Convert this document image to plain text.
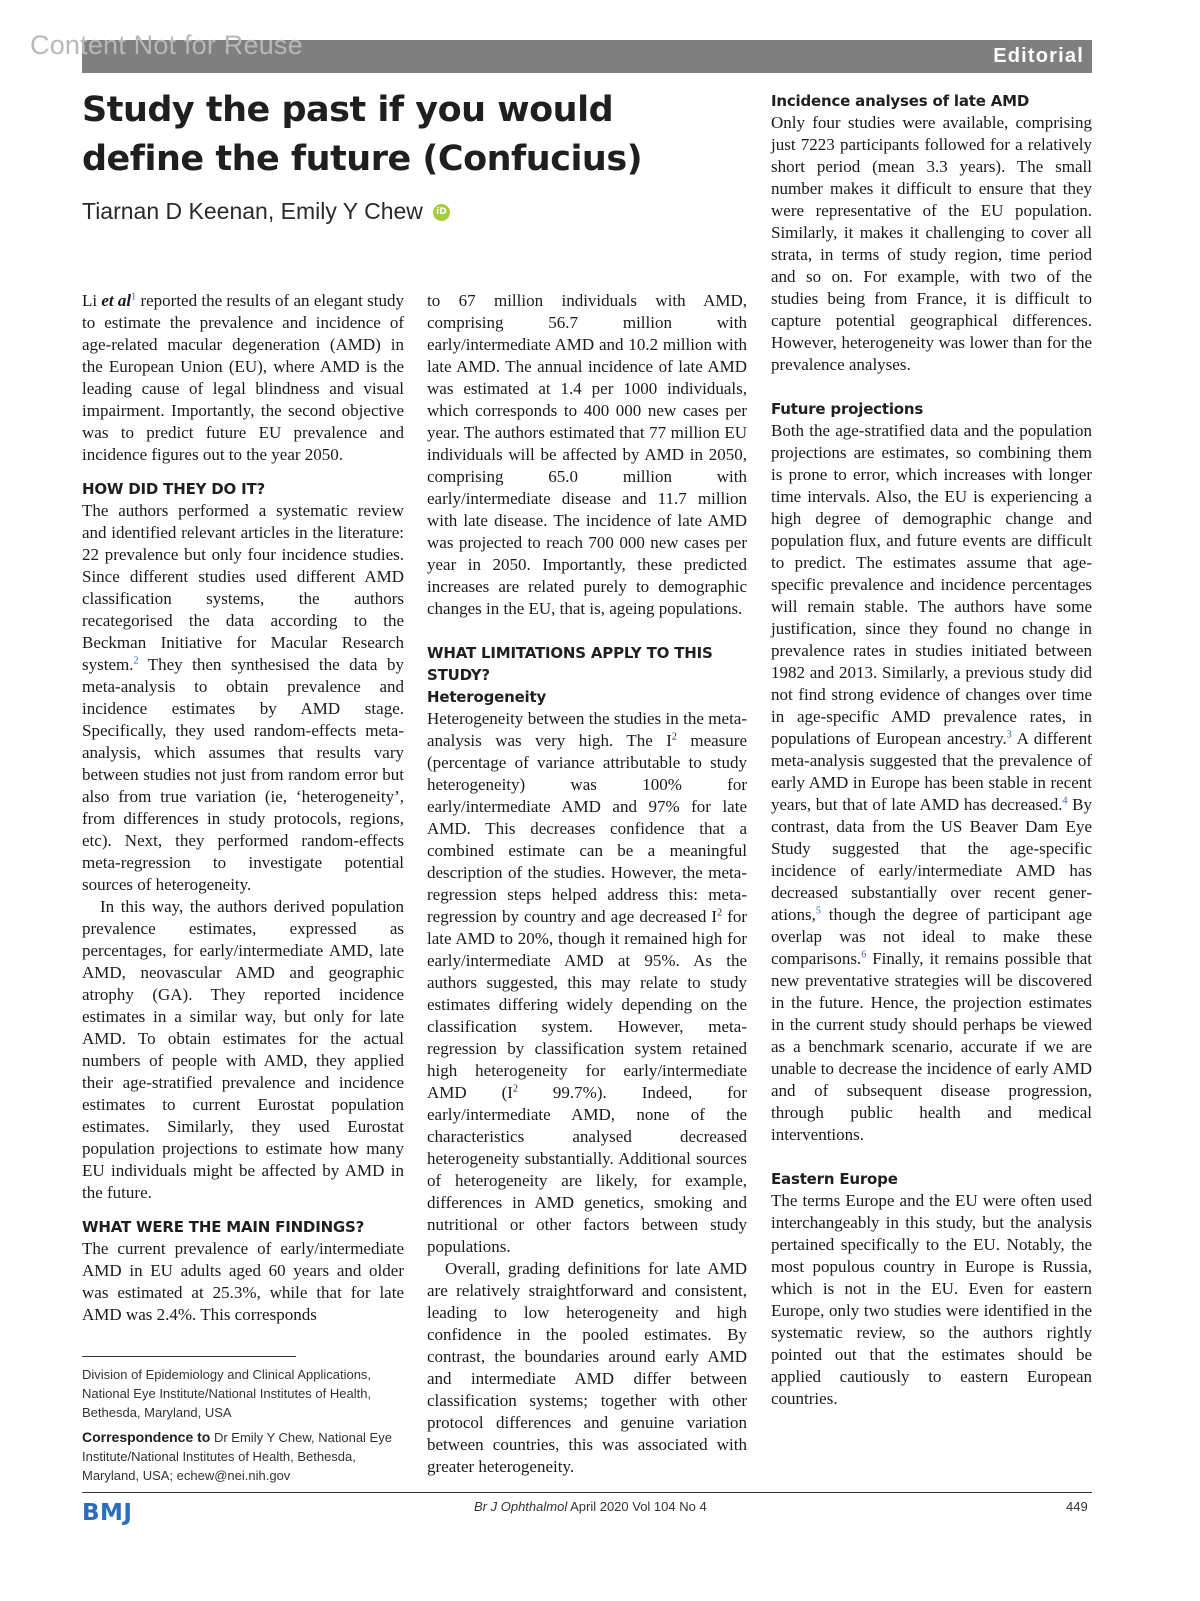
Content Not for Reuse	Editorial
Study the past if you would define the future (Confucius)
Tiarnan D Keenan, Emily Y Chew iD

Li et $al^1$ reported the results of an elegant study to estimate the prevalence and incidence of age-related macular degeneration (AMD) in the European Union (EU), where AMD is the leading cause of legal blindness and visual impairment. Importantly, the second objective was to predict future EU prevalence and incidence figures out to the year 2050.

HOW DID THEY DO IT?

The authors performed a systematic review and identified relevant articles in the literature: 22 prevalence but only four incidence studies. Since different studies used different AMD classification systems, the authors recategorised the data according to the Beckman Initiative for Macular Research system.$^2$ They then synthesised the data by meta-analysis to obtain prevalence and incidence estimates by AMD stage. Specifically, they used random-effects meta-analysis, which assumes that results vary between studies not just from random error but also from true variation (ie, ‘heterogeneity’, from differences in study protocols, regions, etc). Next, they performed random-effects meta-regression to investigate potential sources of heterogeneity.

In this way, the authors derived population prevalence estimates, expressed as percentages, for early/intermediate AMD, late AMD, neovascular AMD and geographic atrophy (GA). They reported incidence estimates in a similar way, but only for late AMD. To obtain estimates for the actual numbers of people with AMD, they applied their age-stratified prevalence and incidence estimates to current Eurostat population estimates. Similarly, they used Eurostat population projections to estimate how many EU individuals might be affected by AMD in the future.

WHAT WERE THE MAIN FINDINGS?

The current prevalence of early/intermediate AMD in EU adults aged 60 years and older was estimated at 25.3%, while that for late AMD was 2.4%. This corresponds

to 67 million individuals with AMD, comprising 56.7 million with early/intermediate AMD and 10.2 million with late AMD. The annual incidence of late AMD was estimated at 1.4 per 1000 individuals, which corresponds to 400 000 new cases per year. The authors estimated that 77 million EU individuals will be affected by AMD in 2050, comprising 65.0 million with early/intermediate disease and 11.7 million with late disease. The incidence of late AMD was projected to reach 700 000 new cases per year in 2050. Importantly, these predicted increases are related purely to demographic changes in the EU, that is, ageing populations.

WHAT LIMITATIONS APPLY TO THIS STUDY?
Heterogeneity

Heterogeneity between the studies in the meta-analysis was very high. The $I^2$ measure (percentage of variance attributable to study heterogeneity) was 100% for early/intermediate AMD and 97% for late AMD. This decreases confidence that a combined estimate can be a meaningful description of the studies. However, the meta-regression steps helped address this: meta-regression by country and age decreased $I^2$ for late AMD to 20%, though it remained high for early/intermediate AMD at 95%. As the authors suggested, this may relate to study estimates differing widely depending on the classification system. However, meta-regression by classification system retained high heterogeneity for early/intermediate AMD ($I^2$ 99.7%). Indeed, for early/intermediate AMD, none of the characteristics analysed decreased heterogeneity substantially. Additional sources of heterogeneity are likely, for example, differences in AMD genetics, smoking and nutritional or other factors between study populations.

Overall, grading definitions for late AMD are relatively straightforward and consistent, leading to low heterogeneity and high confidence in the pooled estimates. By contrast, the boundaries around early AMD and intermediate AMD differ between classification systems; together with other protocol differences and genuine variation between countries, this was associated with greater heterogeneity.

Incidence analyses of late AMD

Only four studies were available, comprising just 7223 participants followed for a relatively short period (mean 3.3 years). The small number makes it difficult to ensure that they were representative of the EU population. Similarly, it makes it challenging to cover all strata, in terms of study region, time period and so on. For example, with two of the studies being from France, it is difficult to capture potential geographical differences. However, heterogeneity was lower than for the prevalence analyses.

Future projections

Both the age-stratified data and the population projections are estimates, so combining them is prone to error, which increases with longer time intervals. Also, the EU is experiencing a high degree of demographic change and population flux, and future events are difficult to predict. The estimates assume that age-specific prevalence and incidence percentages will remain stable. The authors have some justification, since they found no change in prevalence rates in studies initiated between 1982 and 2013. Similarly, a previous study did not find strong evidence of changes over time in age-specific AMD prevalence rates, in populations of European ancestry.$^3$ A different meta-analysis suggested that the prevalence of early AMD in Europe has been stable in recent years, but that of late AMD has decreased.$^4$ By contrast, data from the US Beaver Dam Eye Study suggested that the age-specific incidence of early/intermediate AMD has decreased substantially over recent generations,$^5$ though the degree of participant age overlap was not ideal to make these comparisons.$^6$ Finally, it remains possible that new preventative strategies will be discovered in the future. Hence, the projection estimates in the current study should perhaps be viewed as a benchmark scenario, accurate if we are unable to decrease the incidence of early AMD and of subsequent disease progression, through public health and medical interventions.

Eastern Europe

The terms Europe and the EU were often used interchangeably in this study, but the analysis pertained specifically to the EU. Notably, the most populous country in Europe is Russia, which is not in the EU. Even for eastern Europe, only two studies were identified in the systematic review, so the authors rightly pointed out that the estimates should be applied cautiously to eastern European countries.

Division of Epidemiology and Clinical Applications, National Eye Institute/National Institutes of Health, Bethesda, Maryland, USA
Correspondence to Dr Emily Y Chew, National Eye Institute/National Institutes of Health, Bethesda, Maryland, USA; echew@nei.nih.gov
BMJ	Br J Ophthalmol April 2020 Vol 104 No 4	449
